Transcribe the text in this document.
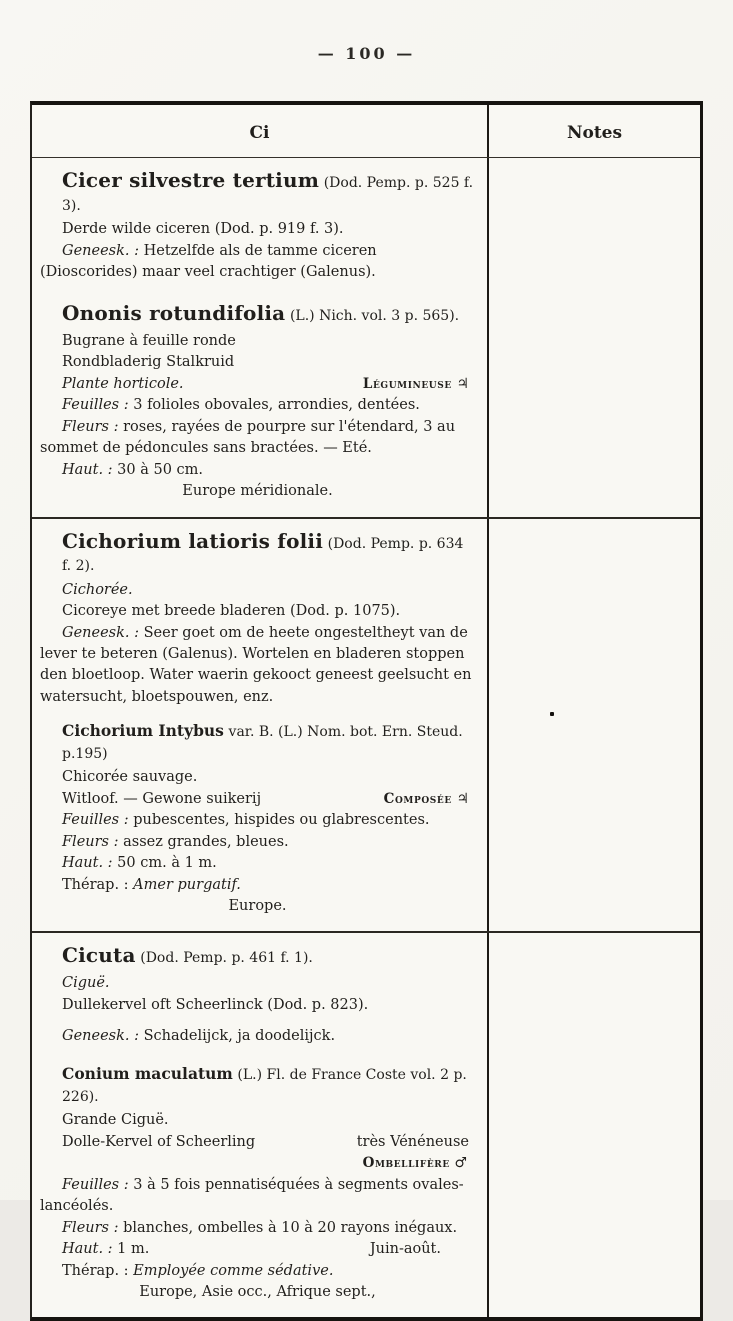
— 100 —
Ci	Notes

Cicer silvestre tertium (Dod. Pemp. p. 525 f. 3).

Derde wilde ciceren (Dod. p. 919 f. 3).

Geneesk. : Hetzelfde als de tamme ciceren (Dioscorides) maar veel crachtiger (Galenus).

Ononis rotundifolia (L.) Nich. vol. 3 p. 565).

Bugrane à feuille ronde

Rondbladerig Stalkruid

Plante horticole.	Légumineuse ♃

Feuilles : 3 folioles obovales, arrondies, dentées.

Fleurs : roses, rayées de pourpre sur l'étendard, 3 au sommet de pédoncules sans bractées. — Eté.

Haut. : 30 à 50 cm.

Europe méridionale.

Cichorium latioris folii (Dod. Pemp. p. 634 f. 2).

Cichorée.

Cicoreye met breede bladeren (Dod. p. 1075).

Geneesk. : Seer goet om de heete ongesteltheyt van de lever te beteren (Galenus). Wortelen en bladeren stoppen den bloetloop. Water waerin gekooct geneest geelsucht en watersucht, bloetspouwen, enz.

Cichorium Intybus var. B. (L.) Nom. bot. Ern. Steud. p.195)

Chicorée sauvage.

Witloof. — Gewone suikerij	Composée ♃

Feuilles : pubescentes, hispides ou glabrescentes.

Fleurs : assez grandes, bleues.

Haut. : 50 cm. à 1 m.

Thérap. : Amer purgatif.

Europe.

Cicuta (Dod. Pemp. p. 461 f. 1).

Ciguë.

Dullekervel oft Scheerlinck (Dod. p. 823).

Geneesk. : Schadelijck, ja doodelijck.

Conium maculatum (L.) Fl. de France Coste vol. 2 p. 226).

Grande Ciguë.

Dolle-Kervel of Scheerling	très Vénéneuse

Ombellifère ♂

Feuilles : 3 à 5 fois pennatiséquées à segments ovales-lancéolés.

Fleurs : blanches, ombelles à 10 à 20 rayons inégaux.

Haut. : 1 m.	Juin-août.

Thérap. : Employée comme sédative.

Europe, Asie occ., Afrique sept.,
